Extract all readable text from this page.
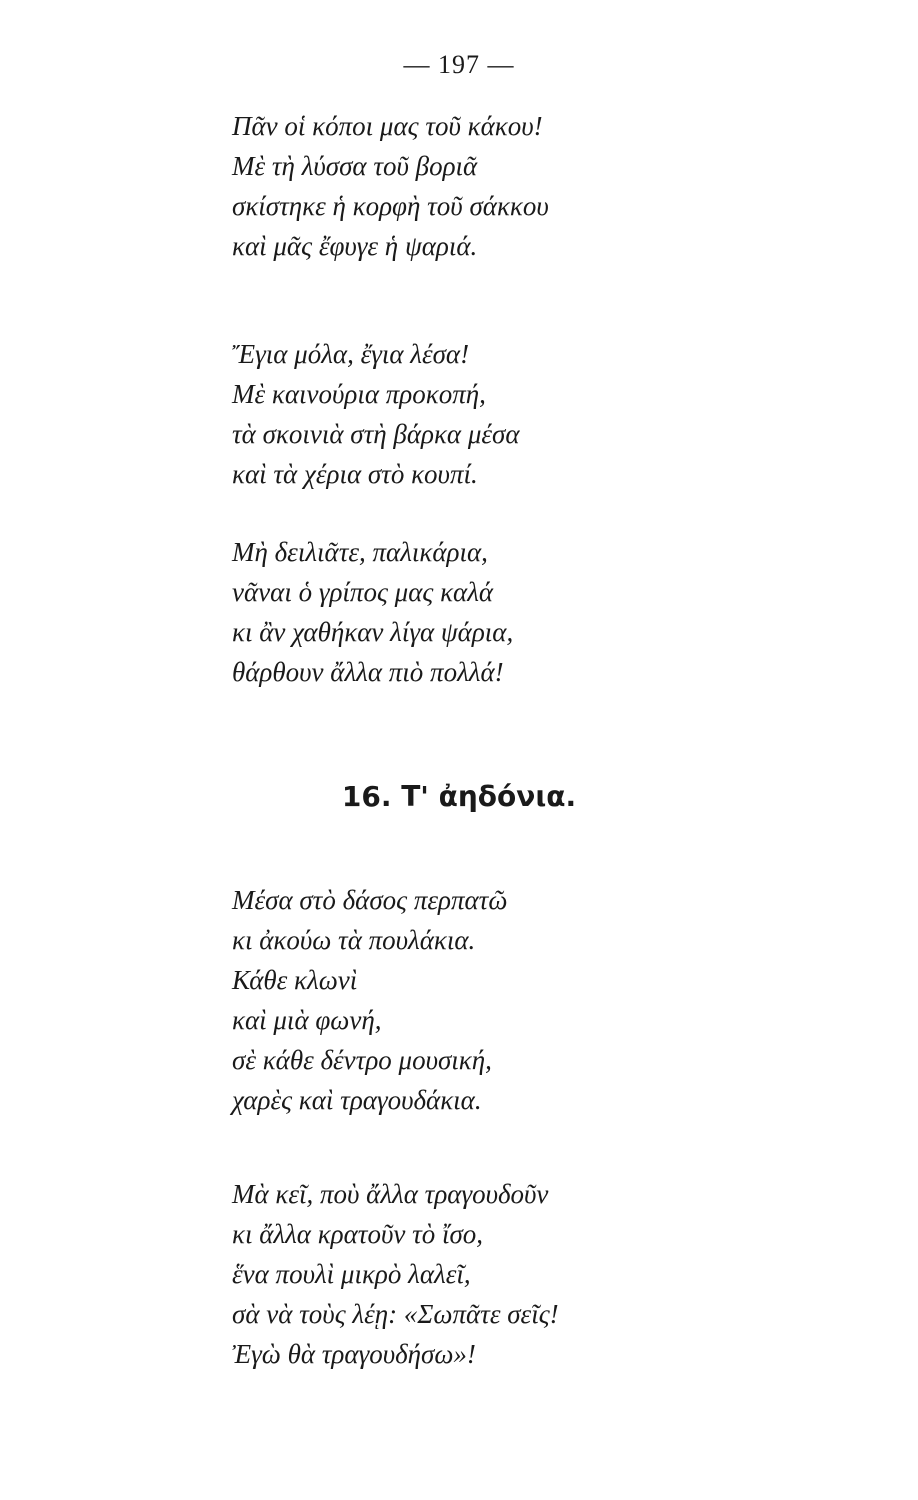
— 197 —
Πᾶν οἱ κόποι μας τοῦ κάκου!
Μὲ τὴ λύσσα τοῦ βοριᾶ
σκίστηκε ἡ κορφὴ τοῦ σάκκου
καὶ μᾶς ἔφυγε ἡ ψαριά.
Ἔγια μόλα, ἔγια λέσα!
Μὲ καινούρια προκοπή,
τὰ σκοινιὰ στὴ βάρκα μέσα
καὶ τὰ χέρια στὸ κουπί.
Μὴ δειλιᾶτε, παλικάρια,
νᾶναι ὁ γρίπος μας καλά
κι ἂν χαθήκαν λίγα ψάρια,
θάρθουν ἄλλα πιὸ πολλά!
16. Τ' ἀηδόνια.
Μέσα στὸ δάσος περπατῶ
κι ἀκούω τὰ πουλάκια.
Κάθε κλωνὶ
καὶ μιὰ φωνή,
σὲ κάθε δέντρο μουσική,
χαρὲς καὶ τραγουδάκια.
Μὰ κεῖ, ποὺ ἄλλα τραγουδοῦν
κι ἄλλα κρατοῦν τὸ ἴσο,
ἕνα πουλὶ μικρὸ λαλεῖ,
σὰ νὰ τοὺς λέῃ: «Σωπᾶτε σεῖς!
Ἐγὼ θὰ τραγουδήσω»!
